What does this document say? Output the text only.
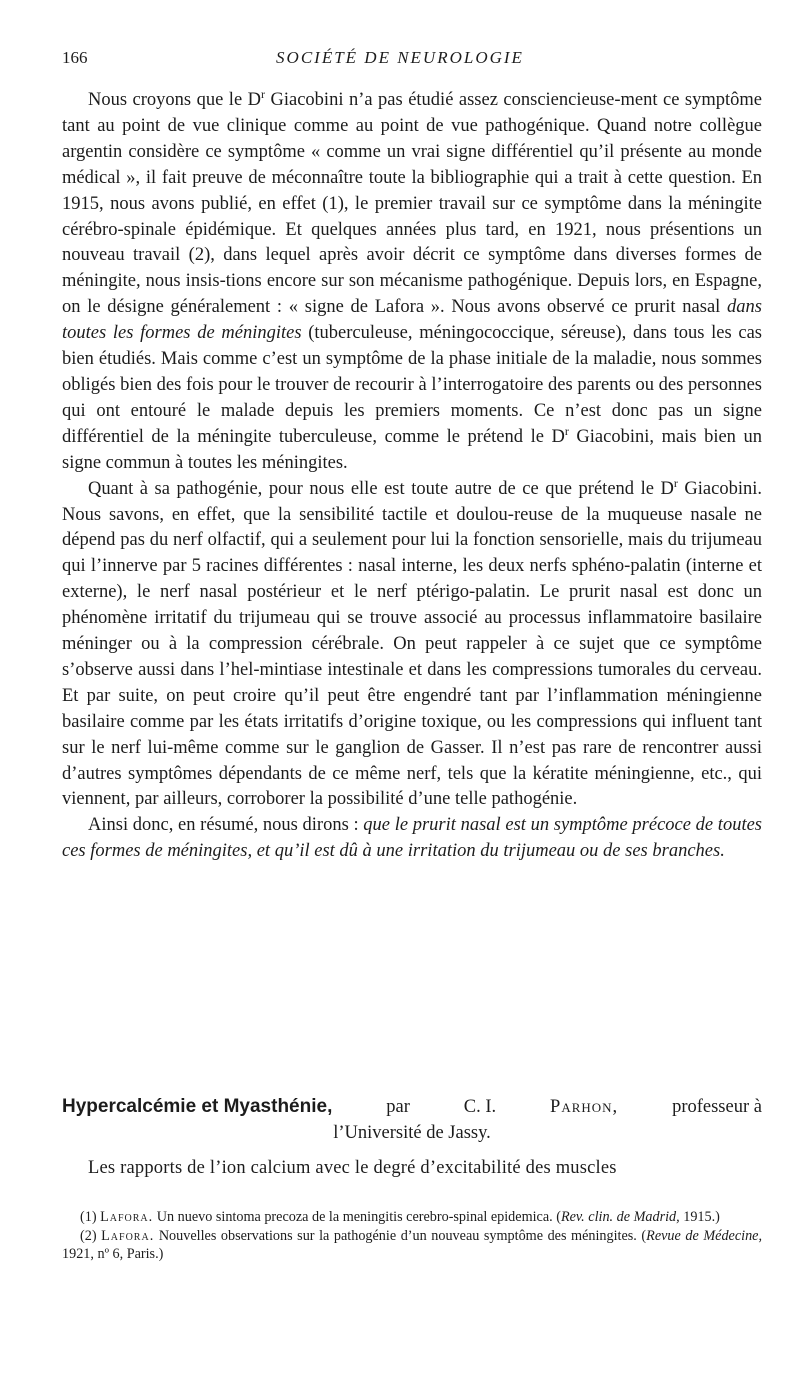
166	SOCIÉTÉ DE NEUROLOGIE

Nous croyons que le $D^r$ Giacobini n’a pas étudié assez consciencieuse-ment ce symptôme tant au point de vue clinique comme au point de vue pathogénique. Quand notre collègue argentin considère ce symptôme « comme un vrai signe différentiel qu’il présente au monde médical », il fait preuve de méconnaître toute la bibliographie qui a trait à cette question. En 1915, nous avons publié, en effet (1), le premier travail sur ce symptôme dans la méningite cérébro-spinale épidémique. Et quelques années plus tard, en 1921, nous présentions un nouveau travail (2), dans lequel après avoir décrit ce symptôme dans diverses formes de méningite, nous insis-tions encore sur son mécanisme pathogénique. Depuis lors, en Espagne, on le désigne généralement : « signe de Lafora ». Nous avons observé ce prurit nasal dans toutes les formes de méningites (tuberculeuse, méningococcique, séreuse), dans tous les cas bien étudiés. Mais comme c’est un symptôme de la phase initiale de la maladie, nous sommes obligés bien des fois pour le trouver de recourir à l’interrogatoire des parents ou des personnes qui ont entouré le malade depuis les premiers moments. Ce n’est donc pas un signe différentiel de la méningite tuberculeuse, comme le prétend le $D^r$ Giacobini, mais bien un signe commun à toutes les méningites.

Quant à sa pathogénie, pour nous elle est toute autre de ce que prétend le $D^r$ Giacobini. Nous savons, en effet, que la sensibilité tactile et doulou-reuse de la muqueuse nasale ne dépend pas du nerf olfactif, qui a seulement pour lui la fonction sensorielle, mais du trijumeau qui l’innerve par 5 racines différentes : nasal interne, les deux nerfs sphéno-palatin (interne et externe), le nerf nasal postérieur et le nerf ptérigo-palatin. Le prurit nasal est donc un phénomène irritatif du trijumeau qui se trouve associé au processus inflammatoire basilaire méninger ou à la compression cérébrale. On peut rappeler à ce sujet que ce symptôme s’observe aussi dans l’hel-mintiase intestinale et dans les compressions tumorales du cerveau. Et par suite, on peut croire qu’il peut être engendré tant par l’inflammation méningienne basilaire comme par les états irritatifs d’origine toxique, ou les compressions qui influent tant sur le nerf lui-même comme sur le ganglion de Gasser. Il n’est pas rare de rencontrer aussi d’autres symptômes dépendants de ce même nerf, tels que la kératite méningienne, etc., qui viennent, par ailleurs, corroborer la possibilité d’une telle pathogénie.

Ainsi donc, en résumé, nous dirons : que le prurit nasal est un symptôme précoce de toutes ces formes de méningites, et qu’il est dû à une irritation du trijumeau ou de ses branches.

Hypercalcémie et Myasthénie,	par	C. I.	Parhon,	professeur à
l’Université de Jassy.
Les rapports de l’ion calcium avec le degré d’excitabilité des muscles

(1) Lafora. Un nuevo sintoma precoza de la meningitis cerebro-spinal epidemica. (Rev. clin. de Madrid, 1915.)

(2) Lafora. Nouvelles observations sur la pathogénie d’un nouveau symptôme des méningites. (Revue de Médecine, 1921, nº 6, Paris.)
